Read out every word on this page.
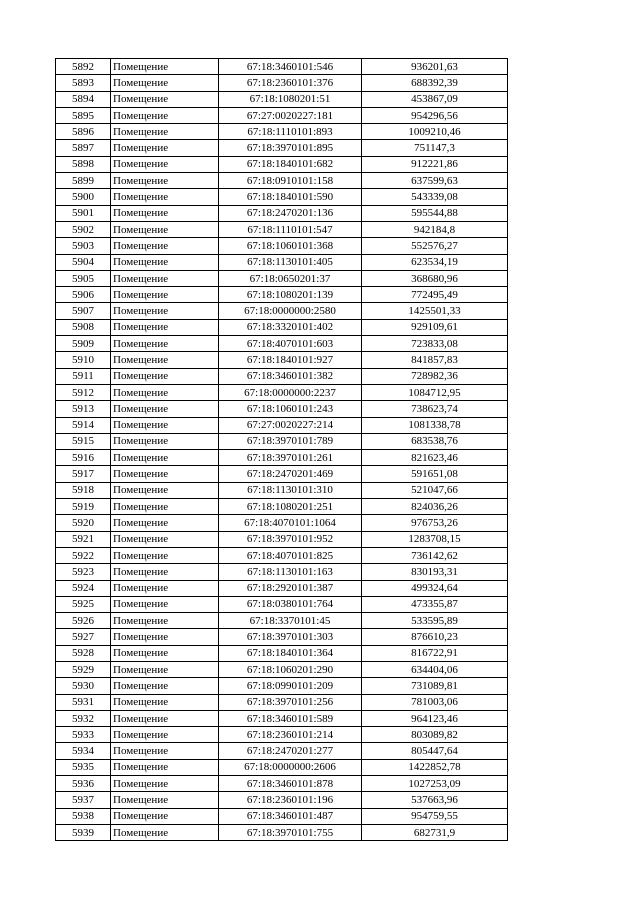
5892	Помещение	67:18:3460101:546	936201,63
5893	Помещение	67:18:2360101:376	688392,39
5894	Помещение	67:18:1080201:51	453867,09
5895	Помещение	67:27:0020227:181	954296,56
5896	Помещение	67:18:1110101:893	1009210,46
5897	Помещение	67:18:3970101:895	751147,3
5898	Помещение	67:18:1840101:682	912221,86
5899	Помещение	67:18:0910101:158	637599,63
5900	Помещение	67:18:1840101:590	543339,08
5901	Помещение	67:18:2470201:136	595544,88
5902	Помещение	67:18:1110101:547	942184,8
5903	Помещение	67:18:1060101:368	552576,27
5904	Помещение	67:18:1130101:405	623534,19
5905	Помещение	67:18:0650201:37	368680,96
5906	Помещение	67:18:1080201:139	772495,49
5907	Помещение	67:18:0000000:2580	1425501,33
5908	Помещение	67:18:3320101:402	929109,61
5909	Помещение	67:18:4070101:603	723833,08
5910	Помещение	67:18:1840101:927	841857,83
5911	Помещение	67:18:3460101:382	728982,36
5912	Помещение	67:18:0000000:2237	1084712,95
5913	Помещение	67:18:1060101:243	738623,74
5914	Помещение	67:27:0020227:214	1081338,78
5915	Помещение	67:18:3970101:789	683538,76
5916	Помещение	67:18:3970101:261	821623,46
5917	Помещение	67:18:2470201:469	591651,08
5918	Помещение	67:18:1130101:310	521047,66
5919	Помещение	67:18:1080201:251	824036,26
5920	Помещение	67:18:4070101:1064	976753,26
5921	Помещение	67:18:3970101:952	1283708,15
5922	Помещение	67:18:4070101:825	736142,62
5923	Помещение	67:18:1130101:163	830193,31
5924	Помещение	67:18:2920101:387	499324,64
5925	Помещение	67:18:0380101:764	473355,87
5926	Помещение	67:18:3370101:45	533595,89
5927	Помещение	67:18:3970101:303	876610,23
5928	Помещение	67:18:1840101:364	816722,91
5929	Помещение	67:18:1060201:290	634404,06
5930	Помещение	67:18:0990101:209	731089,81
5931	Помещение	67:18:3970101:256	781003,06
5932	Помещение	67:18:3460101:589	964123,46
5933	Помещение	67:18:2360101:214	803089,82
5934	Помещение	67:18:2470201:277	805447,64
5935	Помещение	67:18:0000000:2606	1422852,78
5936	Помещение	67:18:3460101:878	1027253,09
5937	Помещение	67:18:2360101:196	537663,96
5938	Помещение	67:18:3460101:487	954759,55
5939	Помещение	67:18:3970101:755	682731,9
